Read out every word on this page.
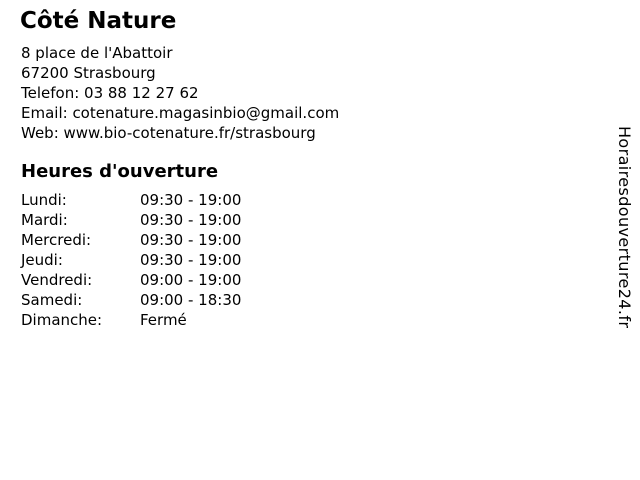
Côté Nature
8 place de l'Abattoir
67200 Strasbourg
Telefon: 03 88 12 27 62
Email: cotenature.magasinbio@gmail.com
Web: www.bio-cotenature.fr/strasbourg
Heures d'ouverture
Lundi:	09:30 - 19:00
Mardi:	09:30 - 19:00
Mercredi:	09:30 - 19:00
Jeudi:	09:30 - 19:00
Vendredi:	09:00 - 19:00
Samedi:	09:00 - 18:30
Dimanche:	Fermé	Horairesdouverture24.fr
